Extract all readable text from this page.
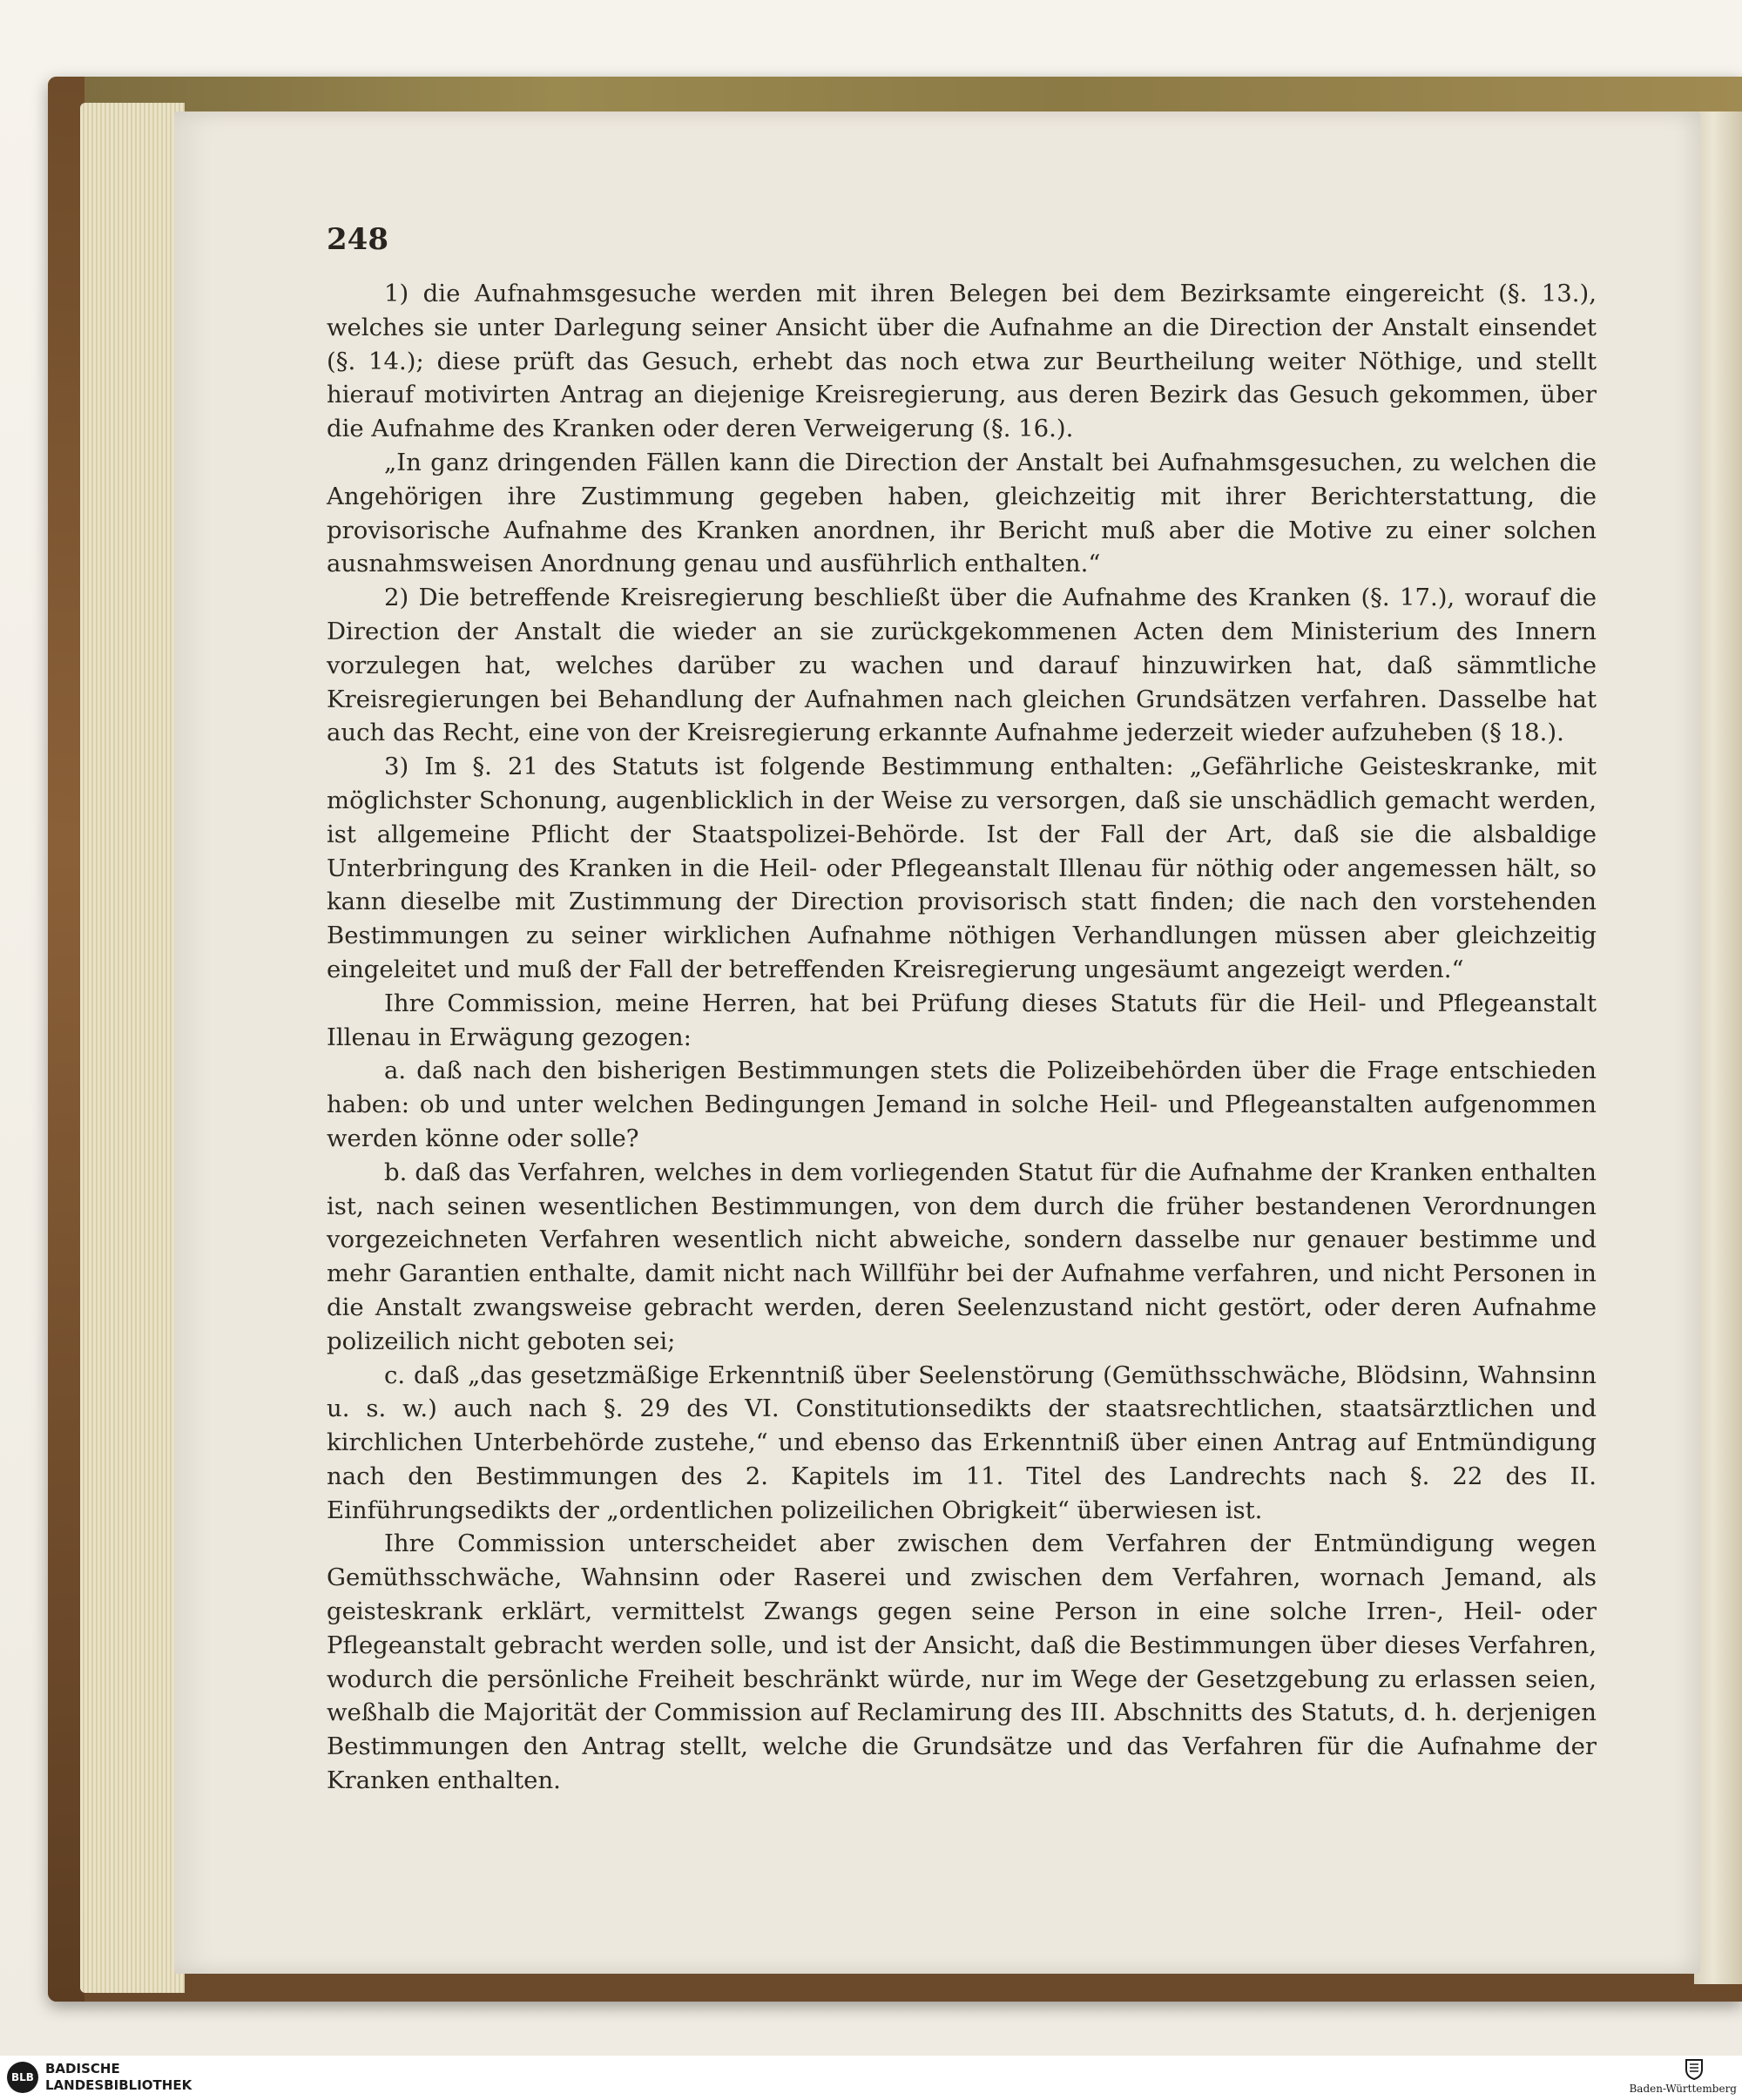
248

1) die Aufnahmsgesuche werden mit ihren Belegen bei dem Bezirksamte eingereicht (§. 13.), welches sie unter Darlegung seiner Ansicht über die Aufnahme an die Direction der Anstalt einsendet (§. 14.); diese prüft das Gesuch, erhebt das noch etwa zur Beurtheilung weiter Nöthige, und stellt hierauf motivirten Antrag an diejenige Kreisregierung, aus deren Bezirk das Gesuch gekommen, über die Aufnahme des Kranken oder deren Verweigerung (§. 16.).

„In ganz dringenden Fällen kann die Direction der Anstalt bei Aufnahmsgesuchen, zu welchen die Angehörigen ihre Zustimmung gegeben haben, gleichzeitig mit ihrer Berichterstattung, die provisorische Aufnahme des Kranken anordnen, ihr Bericht muß aber die Motive zu einer solchen ausnahmsweisen Anordnung genau und ausführlich enthalten.“

2) Die betreffende Kreisregierung beschließt über die Aufnahme des Kranken (§. 17.), worauf die Direction der Anstalt die wieder an sie zurückgekommenen Acten dem Ministerium des Innern vorzulegen hat, welches darüber zu wachen und darauf hinzuwirken hat, daß sämmtliche Kreisregierungen bei Behandlung der Aufnahmen nach gleichen Grundsätzen verfahren. Dasselbe hat auch das Recht, eine von der Kreisregierung erkannte Aufnahme jederzeit wieder aufzuheben (§ 18.).

3) Im §. 21 des Statuts ist folgende Bestimmung enthalten: „Gefährliche Geisteskranke, mit möglichster Schonung, augenblicklich in der Weise zu versorgen, daß sie unschädlich gemacht werden, ist allgemeine Pflicht der Staatspolizei-Behörde. Ist der Fall der Art, daß sie die alsbaldige Unterbringung des Kranken in die Heil- oder Pflegeanstalt Illenau für nöthig oder angemessen hält, so kann dieselbe mit Zustimmung der Direction provisorisch statt finden; die nach den vorstehenden Bestimmungen zu seiner wirklichen Aufnahme nöthigen Verhandlungen müssen aber gleichzeitig eingeleitet und muß der Fall der betreffenden Kreisregierung ungesäumt angezeigt werden.“

Ihre Commission, meine Herren, hat bei Prüfung dieses Statuts für die Heil- und Pflegeanstalt Illenau in Erwägung gezogen:

a. daß nach den bisherigen Bestimmungen stets die Polizeibehörden über die Frage entschieden haben: ob und unter welchen Bedingungen Jemand in solche Heil- und Pflegeanstalten aufgenommen werden könne oder solle?

b. daß das Verfahren, welches in dem vorliegenden Statut für die Aufnahme der Kranken enthalten ist, nach seinen wesentlichen Bestimmungen, von dem durch die früher bestandenen Verordnungen vorgezeichneten Verfahren wesentlich nicht abweiche, sondern dasselbe nur genauer bestimme und mehr Garantien enthalte, damit nicht nach Willführ bei der Aufnahme verfahren, und nicht Personen in die Anstalt zwangsweise gebracht werden, deren Seelenzustand nicht gestört, oder deren Aufnahme polizeilich nicht geboten sei;

c. daß „das gesetzmäßige Erkenntniß über Seelenstörung (Gemüthsschwäche, Blödsinn, Wahnsinn u. s. w.) auch nach §. 29 des VI. Constitutionsedikts der staatsrechtlichen, staatsärztlichen und kirchlichen Unterbehörde zustehe,“ und ebenso das Erkenntniß über einen Antrag auf Entmündigung nach den Bestimmungen des 2. Kapitels im 11. Titel des Landrechts nach §. 22 des II. Einführungsedikts der „ordentlichen polizeilichen Obrigkeit“ überwiesen ist.

Ihre Commission unterscheidet aber zwischen dem Verfahren der Entmündigung wegen Gemüthsschwäche, Wahnsinn oder Raserei und zwischen dem Verfahren, wornach Jemand, als geisteskrank erklärt, vermittelst Zwangs gegen seine Person in eine solche Irren-, Heil- oder Pflegeanstalt gebracht werden solle, und ist der Ansicht, daß die Bestimmungen über dieses Verfahren, wodurch die persönliche Freiheit beschränkt würde, nur im Wege der Gesetzgebung zu erlassen seien, weßhalb die Majorität der Commission auf Reclamirung des III. Abschnitts des Statuts, d. h. derjenigen Bestimmungen den Antrag stellt, welche die Grundsätze und das Verfahren für die Aufnahme der Kranken enthalten.

BLB
BADISCHE
LANDESBIBLIOTHEK	Baden-Württemberg
